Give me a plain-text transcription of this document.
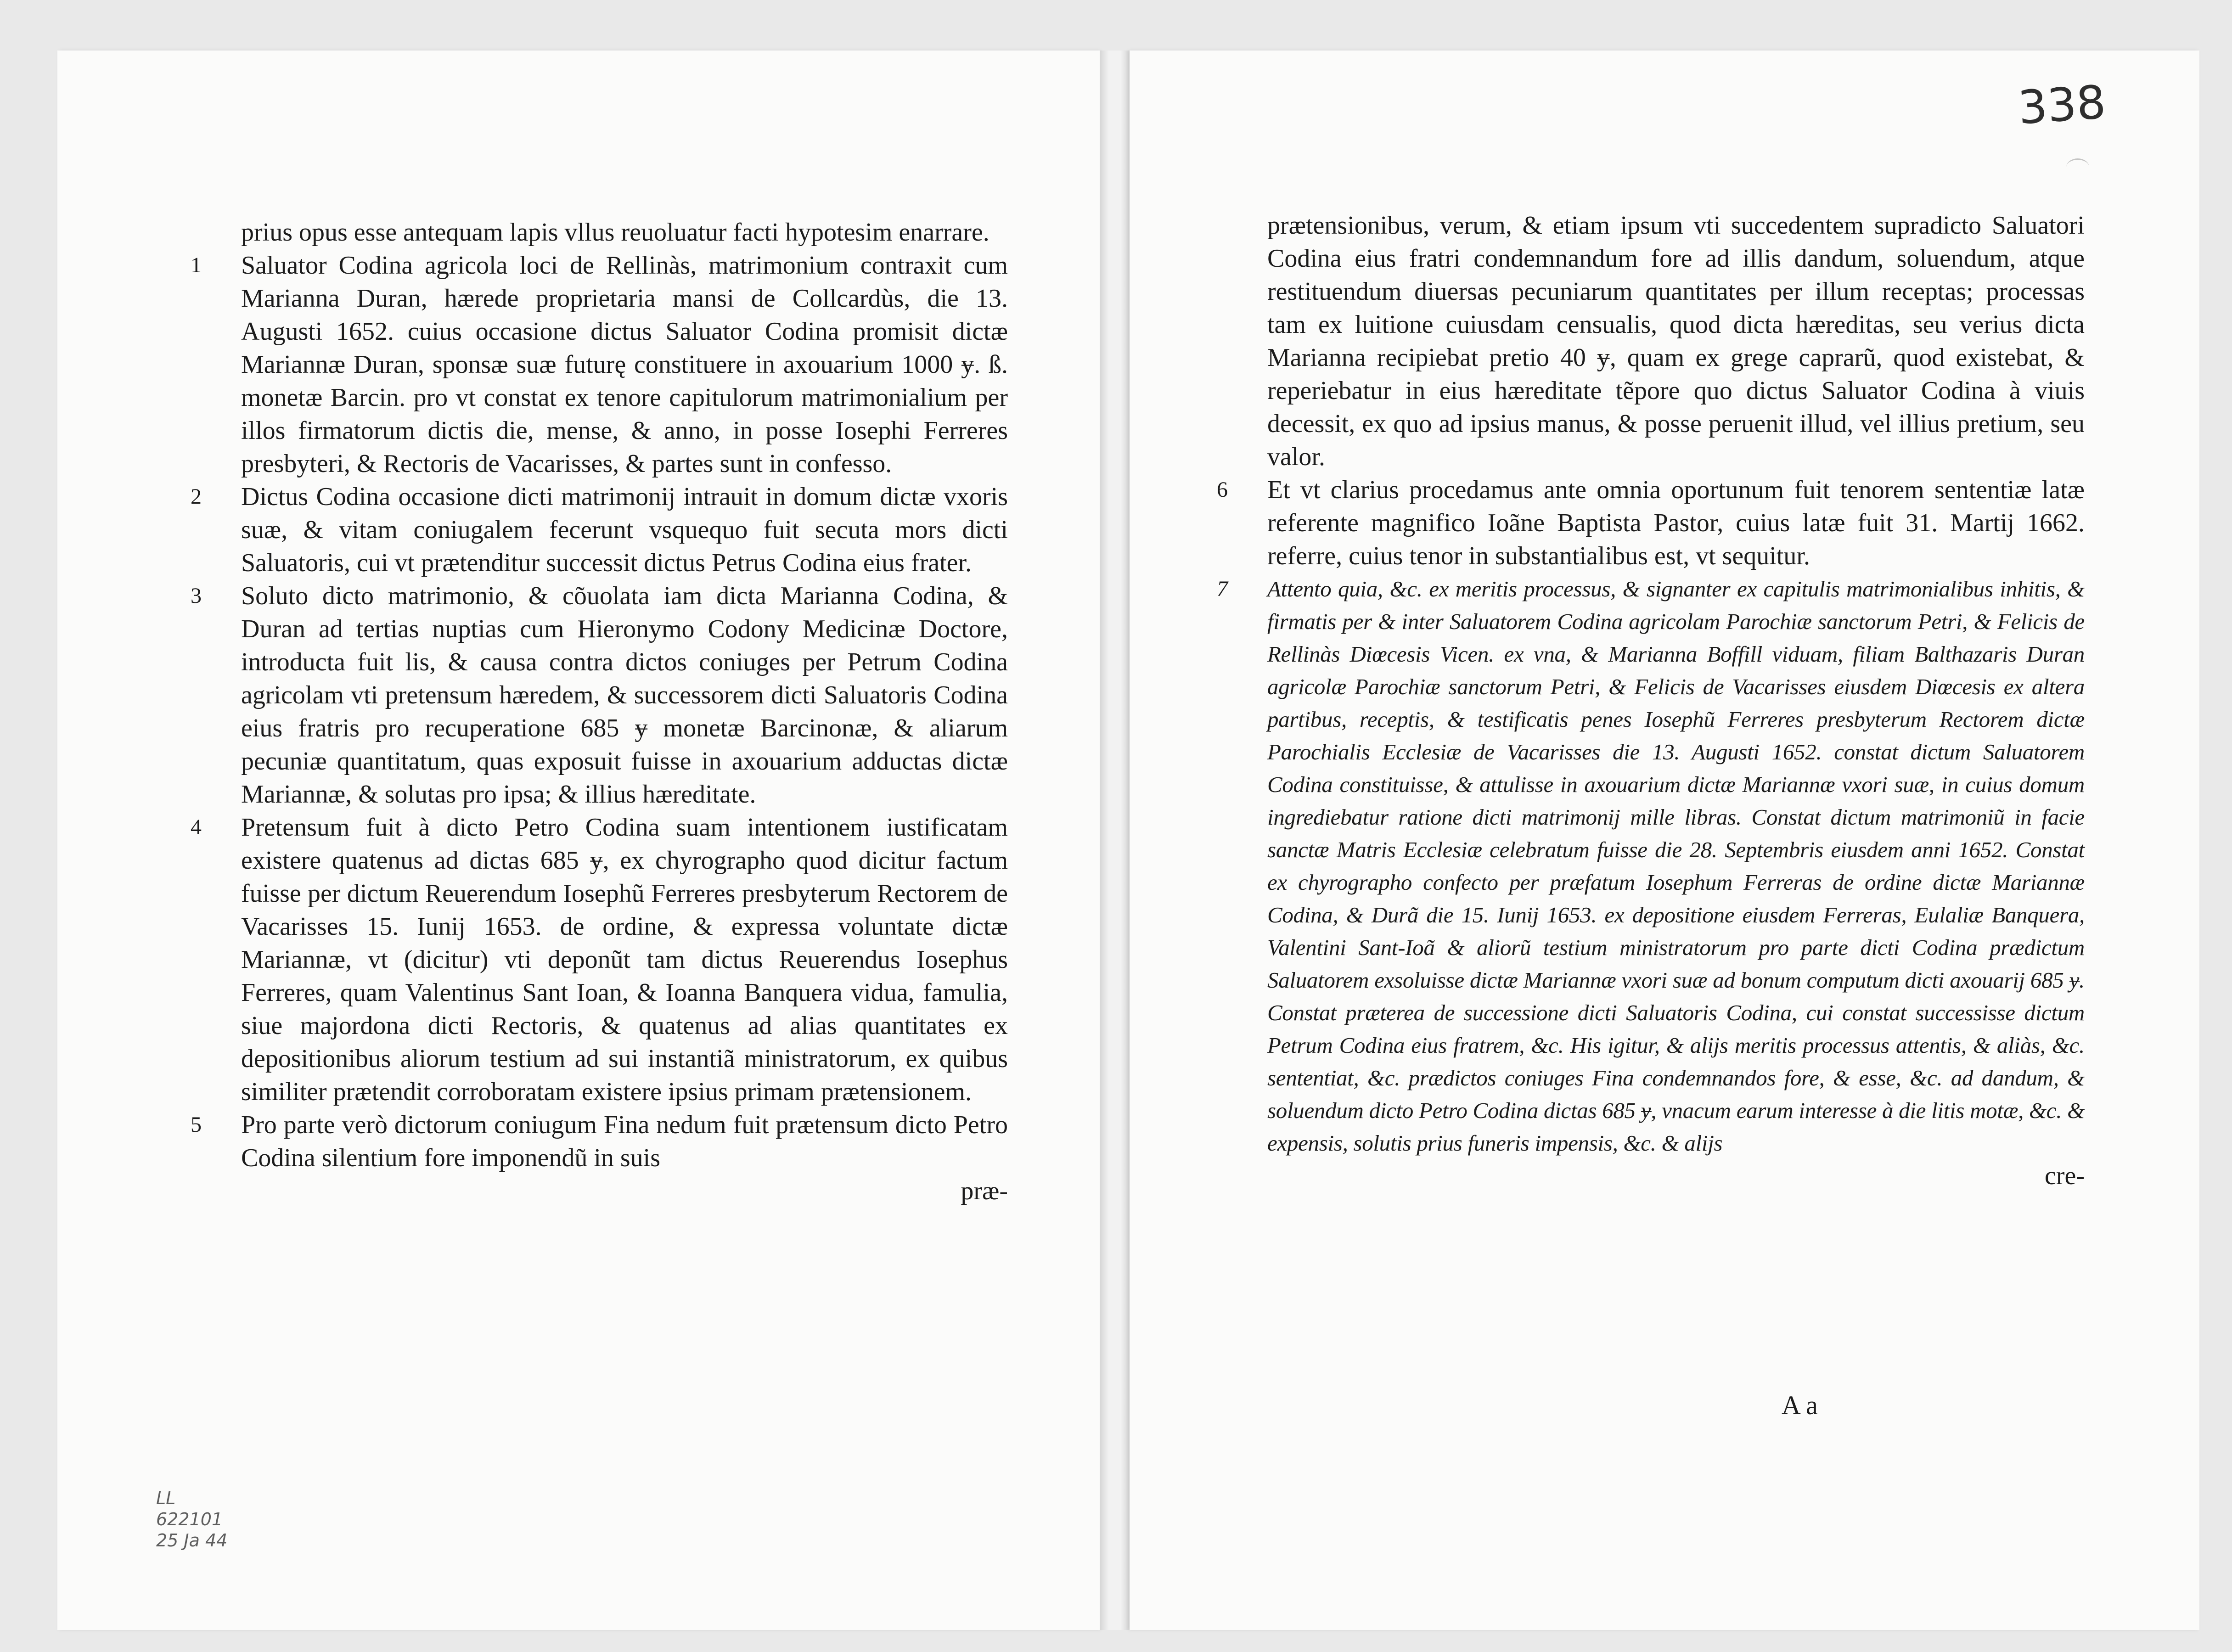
prius opus esse antequam lapis vllus reuoluatur facti hypotesim enarrare.

1 Saluator Codina agricola loci de Rellinàs, matrimonium contraxit cum Marianna Duran, hærede proprietaria mansi de Collcardùs, die 13. Augusti 1652. cuius occasione dictus Saluator Codina promisit dictæ Mariannæ Duran, sponsæ suæ futurę constituere in axouarium 1000 ɏ. ß. monetæ Barcin. pro vt constat ex tenore capitulorum matrimonialium per illos firmatorum dictis die, mense, & anno, in posse Iosephi Ferreres presbyteri, & Rectoris de Vacarisses, & partes sunt in confesso.
2 Dictus Codina occasione dicti matrimonij intrauit in domum dictæ vxoris suæ, & vitam coniugalem fecerunt vsquequo fuit secuta mors dicti Saluatoris, cui vt prætenditur successit dictus Petrus Codina eius frater.
3 Soluto dicto matrimonio, & cõuolata iam dicta Marianna Codina, & Duran ad tertias nuptias cum Hieronymo Codony Medicinæ Doctore, introducta fuit lis, & causa contra dictos coniuges per Petrum Codina agricolam vti pretensum hæredem, & successorem dicti Saluatoris Codina eius fratris pro recuperatione 685 ɏ monetæ Barcinonæ, & aliarum pecuniæ quantitatum, quas exposuit fuisse in axouarium adductas dictæ Mariannæ, & solutas pro ipsa; & illius hæreditate.
4 Pretensum fuit à dicto Petro Codina suam intentionem iustificatam existere quatenus ad dictas 685 ɏ, ex chyrographo quod dicitur factum fuisse per dictum Reuerendum Iosephũ Ferreres presbyterum Rectorem de Vacarisses 15. Iunij 1653. de ordine, & expressa voluntate dictæ Mariannæ, vt (dicitur) vti deponũt tam dictus Reuerendus Iosephus Ferreres, quam Valentinus Sant Ioan, & Ioanna Banquera vidua, famulia, siue majordona dicti Rectoris, & quatenus ad alias quantitates ex depositionibus aliorum testium ad sui instantiã ministratorum, ex quibus similiter prætendit corroboratam existere ipsius primam prætensionem.
5 Pro parte verò dictorum coniugum Fina nedum fuit prætensum dicto Petro Codina silentium fore imponendũ in suis
præ-
LL
622101
25 Ja 44
338

prætensionibus, verum, & etiam ipsum vti succedentem supradicto Saluatori Codina eius fratri condemnandum fore ad illis dandum, soluendum, atque restituendum diuersas pecuniarum quantitates per illum receptas; processas tam ex luitione cuiusdam censualis, quod dicta hæreditas, seu verius dicta Marianna recipiebat pretio 40 ɏ, quam ex grege caprarũ, quod existebat, & reperiebatur in eius hæreditate tẽpore quo dictus Saluator Codina à viuis decessit, ex quo ad ipsius manus, & posse peruenit illud, vel illius pretium, seu valor.

6 Et vt clarius procedamus ante omnia oportunum fuit tenorem sententiæ latæ referente magnifico Ioãne Baptista Pastor, cuius latæ fuit 31. Martij 1662. referre, cuius tenor in substantialibus est, vt sequitur.
7 Attento quia, &c. ex meritis processus, & signanter ex capitulis matrimonialibus inhitis, & firmatis per & inter Saluatorem Codina agricolam Parochiæ sanctorum Petri, & Felicis de Rellinàs Diœcesis Vicen. ex vna, & Marianna Boffill viduam, filiam Balthazaris Duran agricolæ Parochiæ sanctorum Petri, & Felicis de Vacarisses eiusdem Diœcesis ex altera partibus, receptis, & testificatis penes Iosephũ Ferreres presbyterum Rectorem dictæ Parochialis Ecclesiæ de Vacarisses die 13. Augusti 1652. constat dictum Saluatorem Codina constituisse, & attulisse in axouarium dictæ Mariannæ vxori suæ, in cuius domum ingrediebatur ratione dicti matrimonij mille libras. Constat dictum matrimoniũ in facie sanctæ Matris Ecclesiæ celebratum fuisse die 28. Septembris eiusdem anni 1652. Constat ex chyrographo confecto per præfatum Iosephum Ferreras de ordine dictæ Mariannæ Codina, & Durã die 15. Iunij 1653. ex depositione eiusdem Ferreras, Eulaliæ Banquera, Valentini Sant-Ioã & aliorũ testium ministratorum pro parte dicti Codina prædictum Saluatorem exsoluisse dictæ Mariannæ vxori suæ ad bonum computum dicti axouarij 685 ɏ. Constat præterea de successione dicti Saluatoris Codina, cui constat successisse dictum Petrum Codina eius fratrem, &c. His igitur, & alijs meritis processus attentis, & aliàs, &c. sententiat, &c. prædictos coniuges Fina condemnandos fore, & esse, &c. ad dandum, & soluendum dicto Petro Codina dictas 685 ɏ, vnacum earum interesse à die litis motæ, &c. & expensis, solutis prius funeris impensis, &c. & alijs
cre-
A a
